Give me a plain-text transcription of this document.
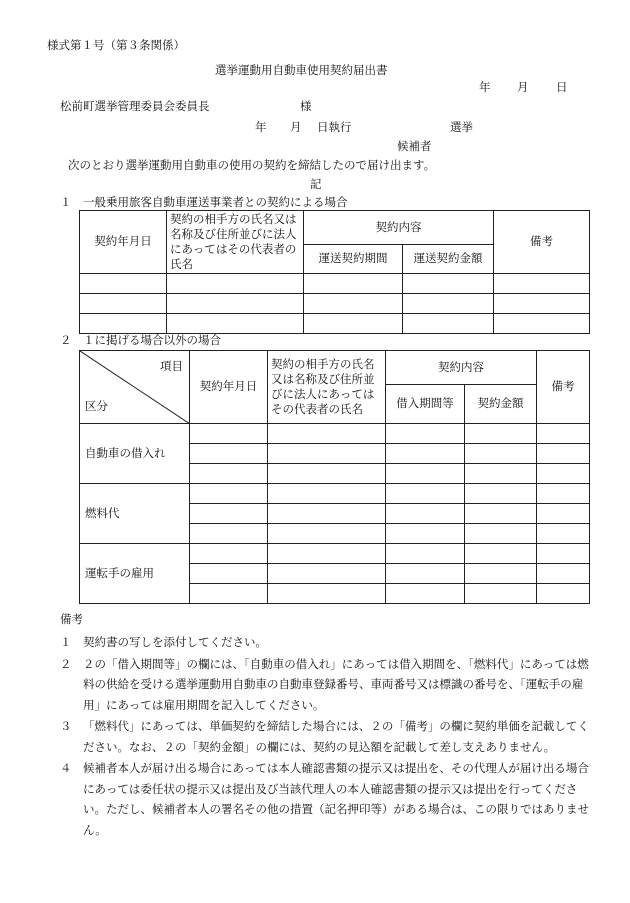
様式第１号（第３条関係）
選挙運動用自動車使用契約届出書
年 月 日
松前町選挙管理委員会委員長	様
年 月 日執行	選挙
候補者
次のとおり選挙運動用自動車の使用の契約を締結したので届け出ます。
記
１　一般乗用旅客自動車運送事業者との契約による場合
契約年月日	契約の相手方の氏名又は名称及び住所並びに法人にあってはその代表者の氏名	契約内容		備考
		運送契約期間	運送契約金額	

２　１に掲げる場合以外の場合
項目
区分	契約年月日	契約の相手方の氏名又は名称及び住所並びに法人にあってはその代表者の氏名	契約内容		備考
			借入期間等	契約金額	
自動車の借入れ					

燃料代					

運転手の雇用					

備考
１	契約書の写しを添付してください。
２	２の「借入期間等」の欄には、「自動車の借入れ」にあっては借入期間を、「燃料代」にあっては燃料の供給を受ける選挙運動用自動車の自動車登録番号、車両番号又は標識の番号を、「運転手の雇用」にあっては雇用期間を記入してください。
３	「燃料代」にあっては、単価契約を締結した場合には、２の「備考」の欄に契約単価を記載してください。なお、２の「契約金額」の欄には、契約の見込額を記載して差し支えありません。
４	候補者本人が届け出る場合にあっては本人確認書類の提示又は提出を、その代理人が届け出る場合にあっては委任状の提示又は提出及び当該代理人の本人確認書類の提示又は提出を行ってください。ただし、候補者本人の署名その他の措置（記名押印等）がある場合は、この限りではありません。
